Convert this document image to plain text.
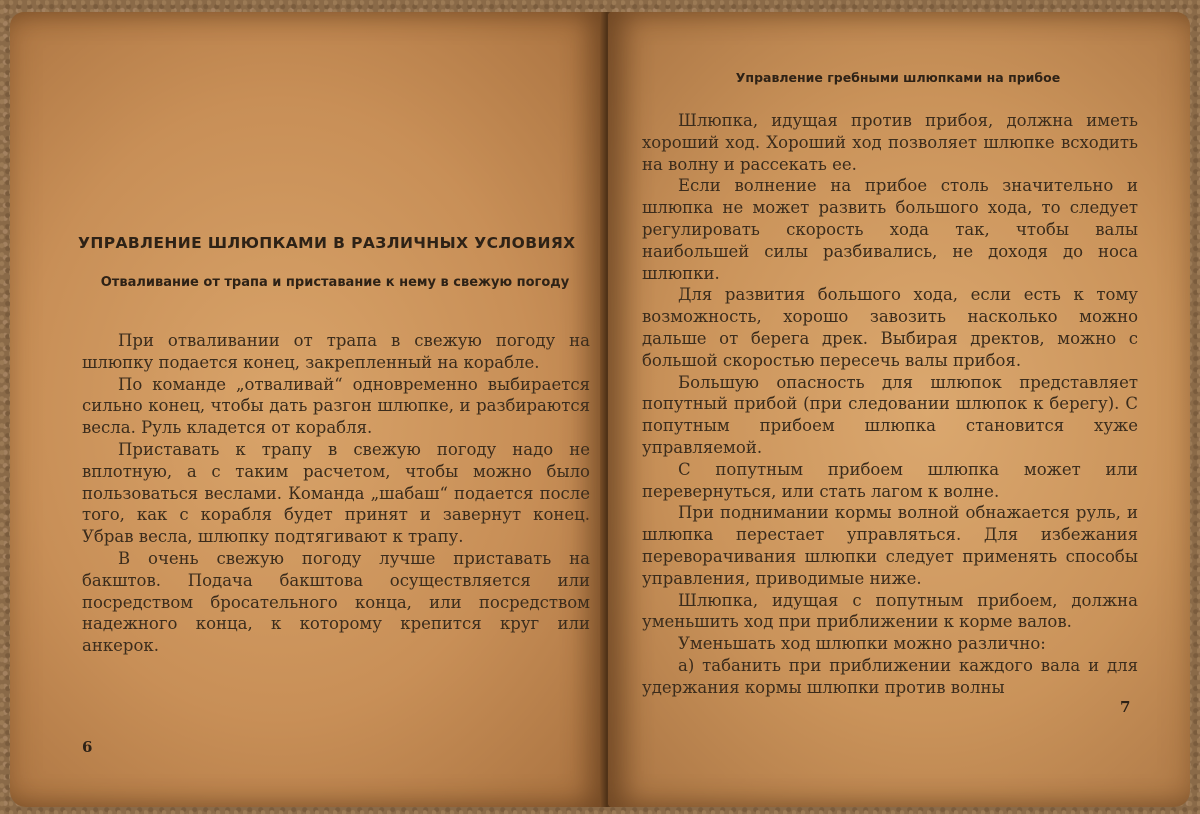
УПРАВЛЕНИЕ ШЛЮПКАМИ В РАЗЛИЧНЫХ УСЛОВИЯХ
Отваливание от трапа и приставание к нему в свежую погоду

При отваливании от трапа в свежую погоду на шлюпку подается конец, закрепленный на корабле.

По команде „отваливай“ одновременно выбирается сильно конец, чтобы дать разгон шлюпке, и разбираются весла. Руль кладется от корабля.

Приставать к трапу в свежую погоду надо не вплотную, а с таким расчетом, чтобы можно было пользоваться веслами. Команда „шабаш“ подается после того, как с корабля будет принят и завернут конец. Убрав весла, шлюпку подтягивают к трапу.

В очень свежую погоду лучше приставать на бакштов. Подача бакштова осуществляется или посредством бросательного конца, или посредством надежного конца, к которому крепится круг или анкерок.

6
Управление гребными шлюпками на прибое

Шлюпка, идущая против прибоя, должна иметь хороший ход. Хороший ход позволяет шлюпке всходить на волну и рассекать ее.

Если волнение на прибое столь значительно и шлюпка не может развить большого хода, то следует регулировать скорость хода так, чтобы валы наибольшей силы разбивались, не доходя до носа шлюпки.

Для развития большого хода, если есть к тому возможность, хорошо завозить насколько можно дальше от берега дрек. Выбирая дректов, можно с большой скоростью пересечь валы прибоя.

Большую опасность для шлюпок представляет попутный прибой (при следовании шлюпок к берегу). С попутным прибоем шлюпка становится хуже управляемой.

С попутным прибоем шлюпка может или перевернуться, или стать лагом к волне.

При поднимании кормы волной обнажается руль, и шлюпка перестает управляться. Для избежания переворачивания шлюпки следует применять способы управления, приводимые ниже.

Шлюпка, идущая с попутным прибоем, должна уменьшить ход при приближении к корме валов.

Уменьшать ход шлюпки можно различно:

а) табанить при приближении каждого вала и для удержания кормы шлюпки против волны

7
